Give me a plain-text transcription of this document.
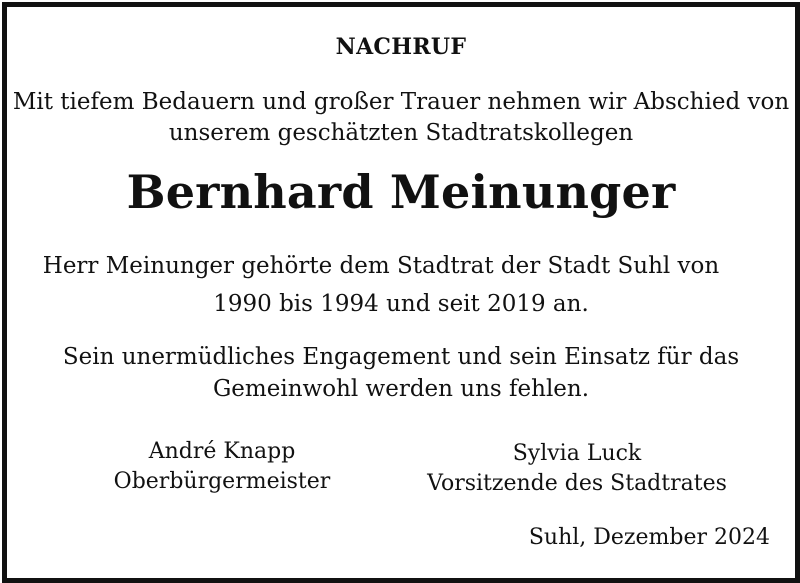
NACHRUF
Mit tiefem Bedauern und großer Trauer nehmen wir Abschied von
unserem geschätzten Stadtratskollegen
Bernhard Meinunger
Herr Meinunger gehörte dem Stadtrat der Stadt Suhl von
1990 bis 1994 und seit 2019 an.
Sein unermüdliches Engagement und sein Einsatz für das
Gemeinwohl werden uns fehlen.
André Knapp
Oberbürgermeister
Sylvia Luck
Vorsitzende des Stadtrates
Suhl, Dezember 2024
